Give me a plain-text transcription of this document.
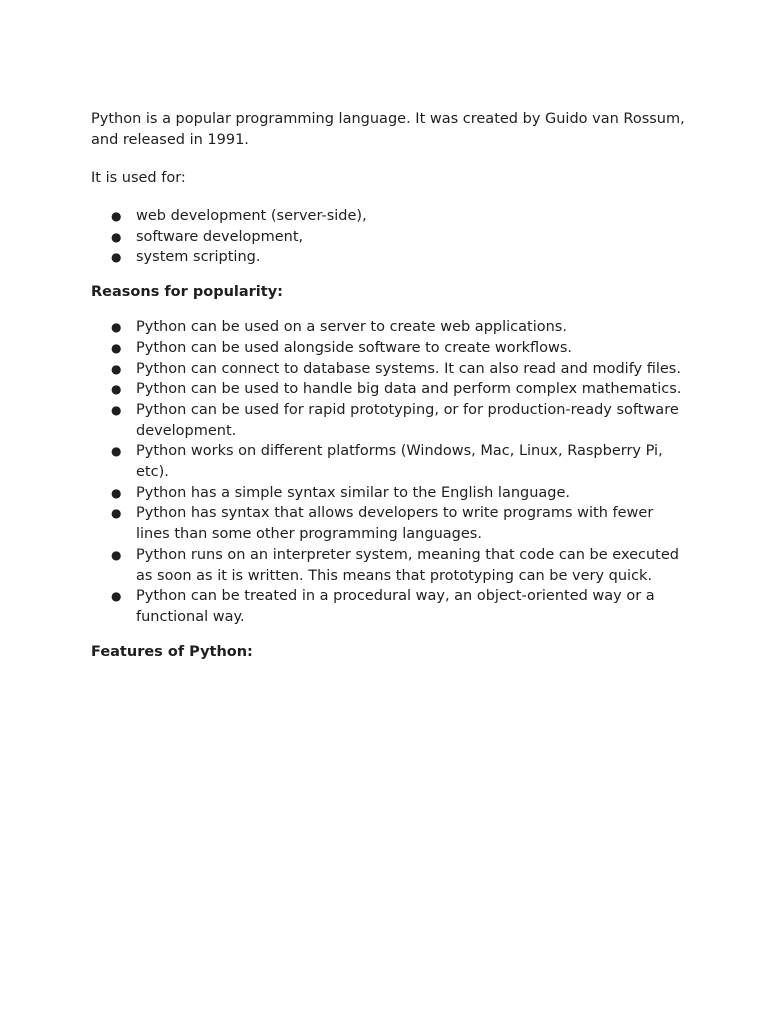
Python is a popular programming language. It was created by Guido van Rossum, and released in 1991.

It is used for:

● web development (server-side),
● software development,
● system scripting.
Reasons for popularity:
● Python can be used on a server to create web applications.
● Python can be used alongside software to create workflows.
● Python can connect to database systems. It can also read and modify files.
● Python can be used to handle big data and perform complex mathematics.
● Python can be used for rapid prototyping, or for production-ready software development.
● Python works on different platforms (Windows, Mac, Linux, Raspberry Pi, etc).
● Python has a simple syntax similar to the English language.
● Python has syntax that allows developers to write programs with fewer lines than some other programming languages.
● Python runs on an interpreter system, meaning that code can be executed as soon as it is written. This means that prototyping can be very quick.
● Python can be treated in a procedural way, an object-oriented way or a functional way.
Features of Python:
